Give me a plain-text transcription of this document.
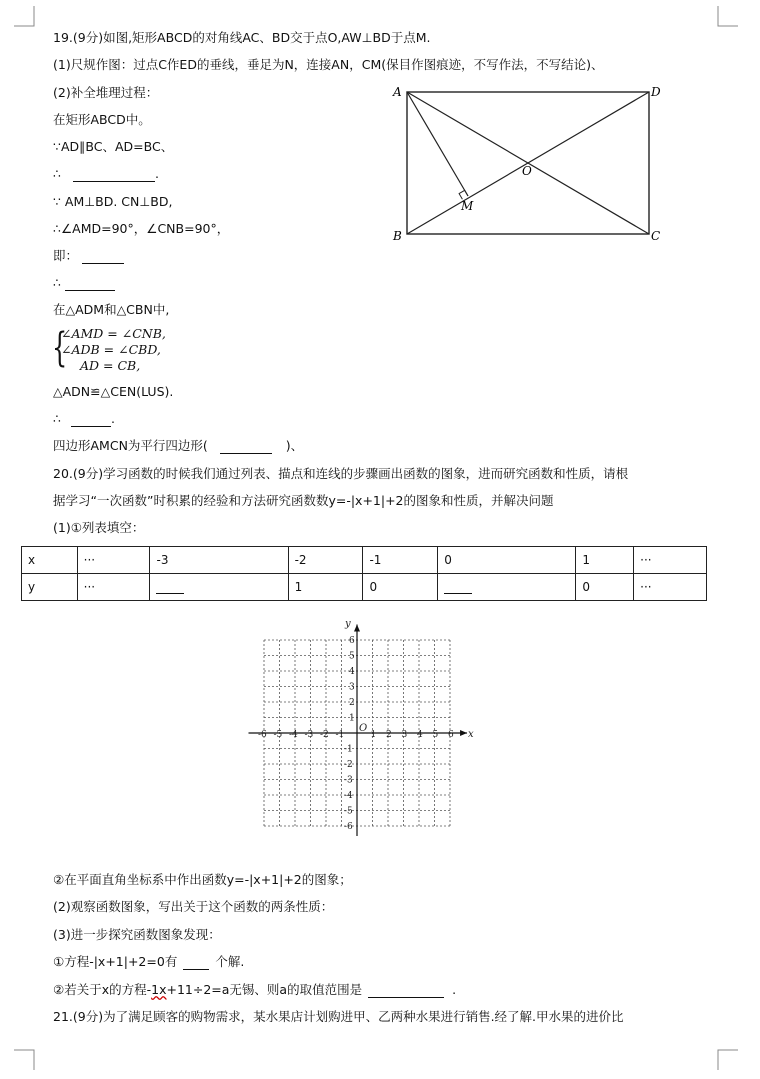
19.(9分)如图,矩形ABCD的对角线AC、BD交于点O,AW⊥BD于点M.
(1)尺规作图：过点C作ED的垂线，垂足为N，连接AN，CM(保目作图痕迹，不写作法，不写结论)、
(2)补全堆理过程：
在矩形ABCD中。
∵AD∥BC、AD=BC、
∴	.
∵ AM⊥BD. CN⊥BD,
∴∠AMD=90°，∠CNB=90°，
即：
∴
在△ADM和△CBN中,
{
∠AMD = ∠CNB,
∠ADB = ∠CBD,
AD = CB,
△ADN≌△CEN(LUS).
∴	.
四边形AMCN为平行四边形(	)、
A	D
B	C
O
M
20.(9分)学习函数的时候我们通过列表、描点和连线的步骤画出函数的图象，进而研究函数和性质，请根
据学习“一次函数”时积累的经验和方法研究函数数y=-|x+1|+2的图象和性质，并解决问题
(1)①列表填空：
x	···	-3	-2	-1	0	1	···
y	···		1	0		0	···
-6 -5 -4 -3 -2 -1	1 2 3 4 5 6
6
5
4
3
2
1
-1
-2
-3
-4
-5
-6
O
x
y
②在平面直角坐标系中作出函数y=-|x+1|+2的图象；
(2)观察函数图象，写出关于这个函数的两条性质：
(3)进一步探究函数图象发现：
①方程-|x+1|+2=0有	个解.
②若关于x的方程-1x+11÷2=a无锡、则a的取值范围是	.
21.(9分)为了满足顾客的购物需求，某水果店计划购进甲、乙两种水果进行销售.经了解.甲水果的进价比
